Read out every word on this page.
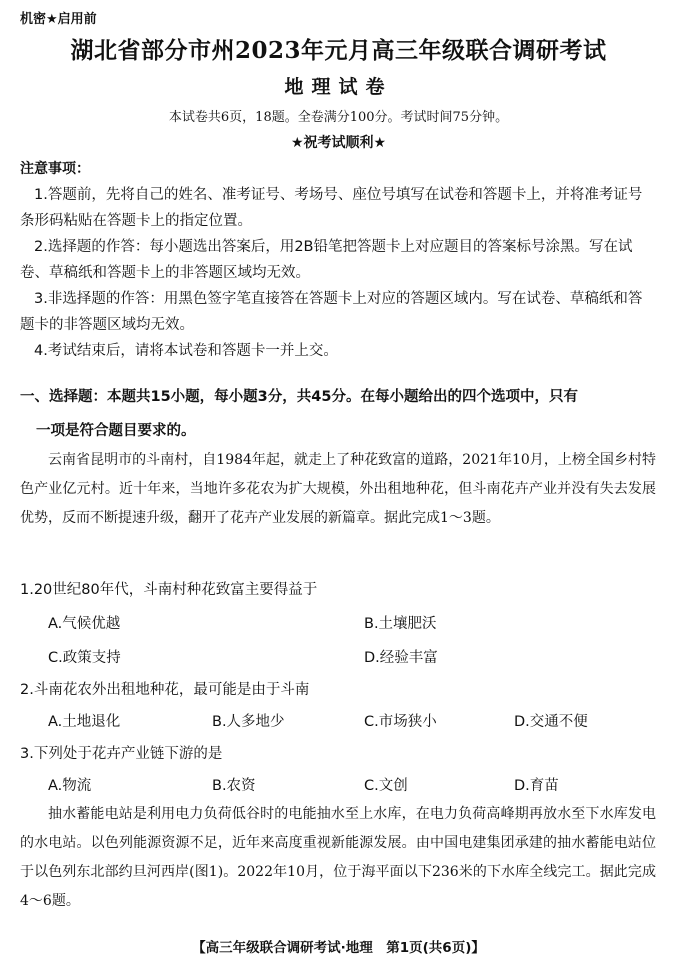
机密★启用前
湖北省部分市州2023年元月高三年级联合调研考试
地理试卷
本试卷共6页，18题。全卷满分100分。考试时间75分钟。
★祝考试顺利★
注意事项：
1.答题前，先将自己的姓名、准考证号、考场号、座位号填写在试卷和答题卡上，并将准考证号条形码粘贴在答题卡上的指定位置。
2.选择题的作答：每小题选出答案后，用2B铅笔把答题卡上对应题目的答案标号涂黑。写在试卷、草稿纸和答题卡上的非答题区域均无效。
3.非选择题的作答：用黑色签字笔直接答在答题卡上对应的答题区域内。写在试卷、草稿纸和答题卡的非答题区域均无效。
4.考试结束后，请将本试卷和答题卡一并上交。
一、选择题：本题共15小题，每小题3分，共45分。在每小题给出的四个选项中，只有
一项是符合题目要求的。
云南省昆明市的斗南村，自1984年起，就走上了种花致富的道路，2021年10月，上榜全国乡村特色产业亿元村。近十年来，当地许多花农为扩大规模，外出租地种花，但斗南花卉产业并没有失去发展优势，反而不断提速升级，翻开了花卉产业发展的新篇章。据此完成1～3题。
1.20世纪80年代，斗南村种花致富主要得益于
A.气候优越	B.土壤肥沃
C.政策支持	D.经验丰富
2.斗南花农外出租地种花，最可能是由于斗南
A.土地退化	B.人多地少	C.市场狭小	D.交通不便
3.下列处于花卉产业链下游的是
A.物流	B.农资	C.文创	D.育苗
抽水蓄能电站是利用电力负荷低谷时的电能抽水至上水库，在电力负荷高峰期再放水至下水库发电的水电站。以色列能源资源不足，近年来高度重视新能源发展。由中国电建集团承建的抽水蓄能电站位于以色列东北部约旦河西岸(图1)。2022年10月，位于海平面以下236米的下水库全线完工。据此完成4～6题。
【高三年级联合调研考试·地理　第1页(共6页)】
